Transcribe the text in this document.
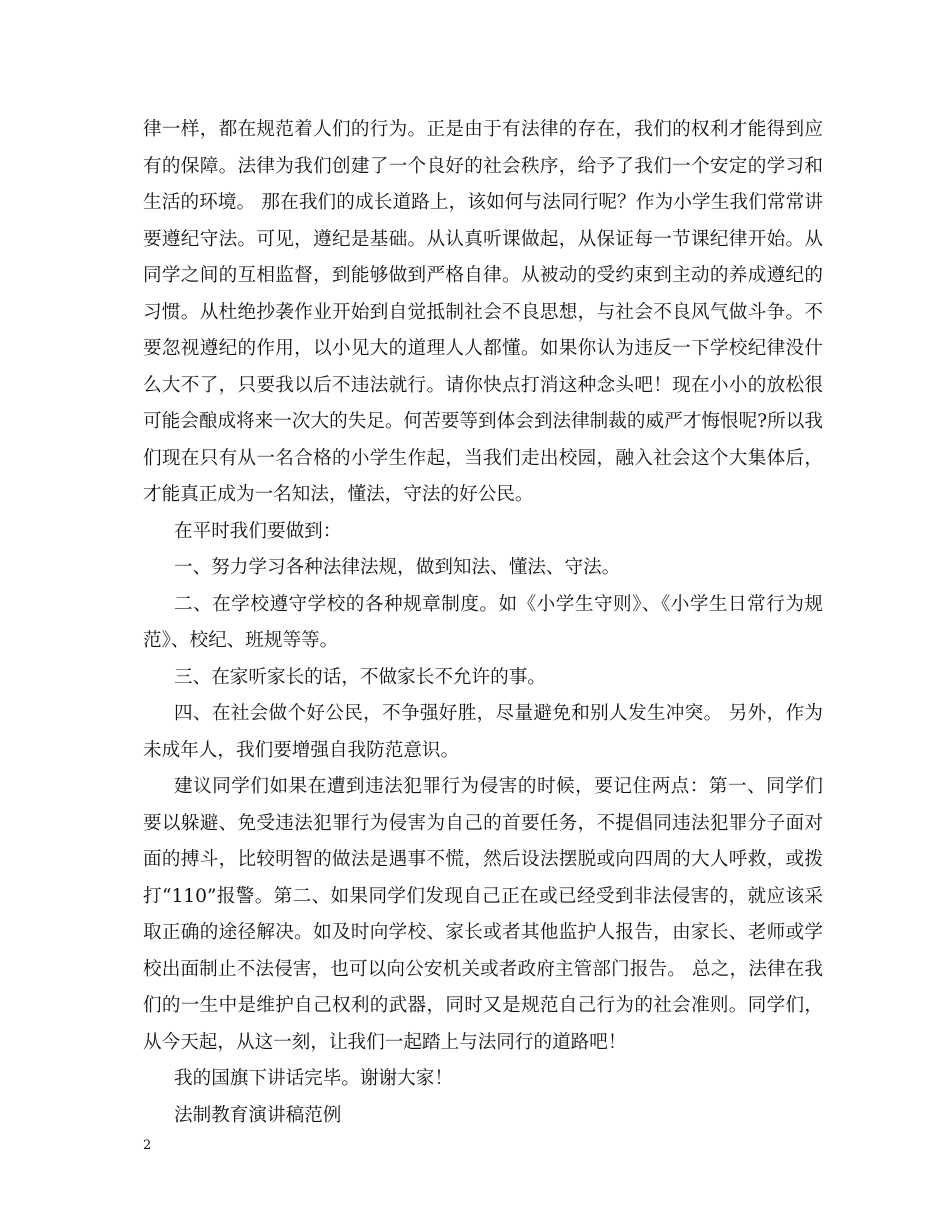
律一样，都在规范着人们的行为。正是由于有法律的存在，我们的权利才能得到应有的保障。法律为我们创建了一个良好的社会秩序，给予了我们一个安定的学习和生活的环境。 那在我们的成长道路上，该如何与法同行呢？作为小学生我们常常讲要遵纪守法。可见，遵纪是基础。从认真听课做起，从保证每一节课纪律开始。从同学之间的互相监督，到能够做到严格自律。从被动的受约束到主动的养成遵纪的习惯。从杜绝抄袭作业开始到自觉抵制社会不良思想，与社会不良风气做斗争。不要忽视遵纪的作用，以小见大的道理人人都懂。如果你认为违反一下学校纪律没什么大不了，只要我以后不违法就行。请你快点打消这种念头吧！现在小小的放松很可能会酿成将来一次大的失足。何苦要等到体会到法律制裁的威严才悔恨呢?所以我们现在只有从一名合格的小学生作起，当我们走出校园，融入社会这个大集体后，才能真正成为一名知法，懂法，守法的好公民。

在平时我们要做到：

一、努力学习各种法律法规，做到知法、懂法、守法。

二、在学校遵守学校的各种规章制度。如《小学生守则》、《小学生日常行为规范》、校纪、班规等等。

三、在家听家长的话，不做家长不允许的事。

四、在社会做个好公民，不争强好胜，尽量避免和别人发生冲突。 另外，作为未成年人，我们要增强自我防范意识。

建议同学们如果在遭到违法犯罪行为侵害的时候，要记住两点：第一、同学们要以躲避、免受违法犯罪行为侵害为自己的首要任务，不提倡同违法犯罪分子面对面的搏斗，比较明智的做法是遇事不慌，然后设法摆脱或向四周的大人呼救，或拨打“110”报警。第二、如果同学们发现自己正在或已经受到非法侵害的，就应该采取正确的途径解决。如及时向学校、家长或者其他监护人报告，由家长、老师或学校出面制止不法侵害，也可以向公安机关或者政府主管部门报告。 总之，法律在我们的一生中是维护自己权利的武器，同时又是规范自己行为的社会准则。同学们，从今天起，从这一刻，让我们一起踏上与法同行的道路吧！

我的国旗下讲话完毕。谢谢大家！

法制教育演讲稿范例

2
